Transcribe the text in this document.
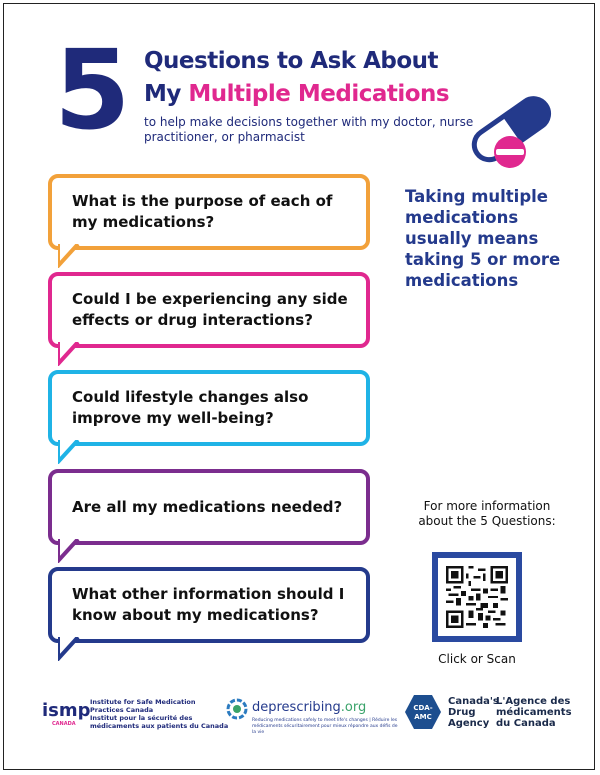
5 Questions to Ask About
My Multiple Medications
to help make decisions together with my doctor, nurse practitioner, or pharmacist
What is the purpose of each of my medications?
Could I be experiencing any side effects or drug interactions?
Could lifestyle changes also improve my well-being?
Are all my medications needed?
What other information should I know about my medications?
Taking multiple medications usually means taking 5 or more medications
For more information about the 5 Questions:
Click or Scan
ismp
CANADA
Institute for Safe Medication Practices Canada
Institut pour la sécurité des médicaments aux patients du Canada
deprescribing.org
Reducing medications safely to meet life's changes | Réduire les médicaments sécuritairement pour mieux répondre aux défis de la vie
CDA-
AMC
Canada's Drug Agency
L'Agence des médicaments du Canada
